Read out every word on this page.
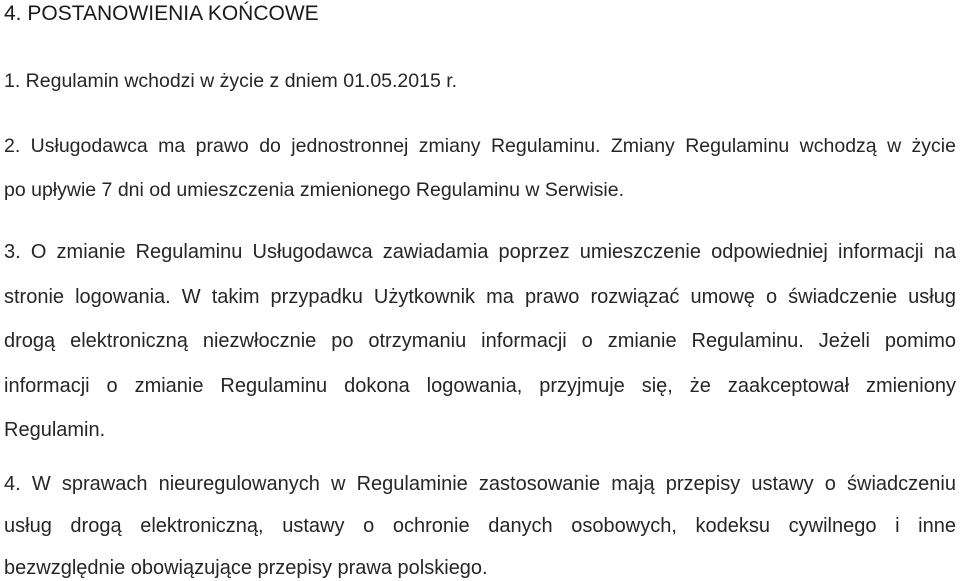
4. POSTANOWIENIA KOŃCOWE
1. Regulamin wchodzi w życie z dniem 01.05.2015 r.
2. Usługodawca ma prawo do jednostronnej zmiany Regulaminu. Zmiany Regulaminu wchodzą w życie
po upływie 7 dni od umieszczenia zmienionego Regulaminu w Serwisie.
3. O zmianie Regulaminu Usługodawca zawiadamia poprzez umieszczenie odpowiedniej informacji na
stronie logowania. W takim przypadku Użytkownik ma prawo rozwiązać umowę o świadczenie usług
drogą elektroniczną niezwłocznie po otrzymaniu informacji o zmianie Regulaminu. Jeżeli pomimo
informacji o zmianie Regulaminu dokona logowania, przyjmuje się, że zaakceptował zmieniony
Regulamin.
4. W sprawach nieuregulowanych w Regulaminie zastosowanie mają przepisy ustawy o świadczeniu
usług drogą elektroniczną, ustawy o ochronie danych osobowych, kodeksu cywilnego i inne
bezwzględnie obowiązujące przepisy prawa polskiego.
